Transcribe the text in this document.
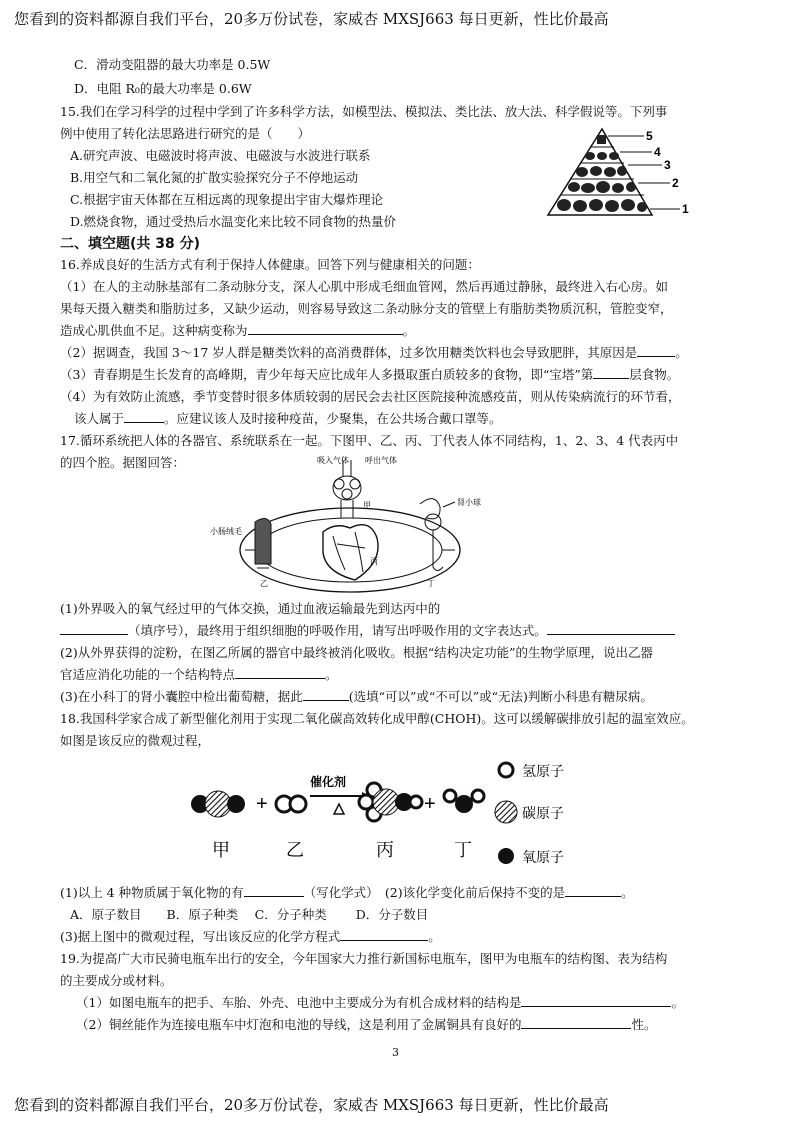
您看到的资料都源自我们平台，20多万份试卷，家威杏 MXSJ663 每日更新，性比价最高
C．滑动变阻器的最大功率是 0.5W
D．电阻 R₀的最大功率是 0.6W
15.我们在学习科学的过程中学到了许多科学方法，如模型法、模拟法、类比法、放大法、科学假说等。下列事
例中使用了转化法思路进行研究的是（　　）
A.研究声波、电磁波时将声波、电磁波与水波进行联系
B.用空气和二氧化氮的扩散实验探究分子不停地运动
C.根据宇宙天体都在互相远离的现象提出宇宙大爆炸理论
D.燃烧食物，通过受热后水温变化来比较不同食物的热量价
5
4
3
2
1
二、填空题(共 38 分)
16.养成良好的生活方式有利于保持人体健康。回答下列与健康相关的问题：
（1）在人的主动脉基部有二条动脉分支，深人心肌中形成毛细血管网，然后再通过静脉，最终进入右心房。如
果每天摄入糖类和脂肪过多，又缺少运动，则容易导致这二条动脉分支的管壁上有脂肪类物质沉积，管腔变窄，
造成心肌供血不足。这种病变称为	。
（2）据调查，我国 3～17 岁人群是糖类饮料的高消费群体，过多饮用糖类饮料也会导致肥胖，其原因是	。
（3）青春期是生长发育的高峰期，青少年每天应比成年人多摄取蛋白质较多的食物，即“宝塔”第	层食物。
（4）为有效防止流感，季节变替时很多体质较弱的居民会去社区医院接种流感疫苗，则从传染病流行的环节看，
该人属于	。应建议该人及时接种疫苗，少聚集，在公共场合戴口罩等。
17.循环系统把人体的各器官、系统联系在一起。下图甲、乙、丙、丁代表人体不同结构，1、2、3、4 代表丙中
的四个腔。据图回答：	吸入气体 呼出气体
甲
丙
小肠绒毛
乙
肾小球
丁
(1)外界吸入的氧气经过甲的气体交换，通过血液运输最先到达丙中的
（填序号），最终用于组织细胞的呼吸作用，请写出呼吸作用的文字表达式。
(2)从外界获得的淀粉，在图乙所属的器官中最终被消化吸收。根据“结构决定功能”的生物学原理，说出乙器
官适应消化功能的一个结构特点	。
(3)在小科丁的肾小囊腔中检出葡萄糖，据此	(选填“可以”或“不可以”或“无法)判断小科患有糖尿病。
18.我国科学家合成了新型催化剂用于实现二氧化碳高效转化成甲醇(CHOH)。这可以缓解碳排放引起的温室效应。
如图是该反应的微观过程，
+
催化剂
+
甲	乙	丙	丁
氢原子
碳原子
氧原子
(1)以上 4 种物质属于氧化物的有	（写化学式）　(2)该化学变化前后保持不变的是	。
A．原子数目　　B．原子种类　 C．分子种类　　 D．分子数目
(3)据上图中的微观过程，写出该反应的化学方程式	。
19.为提高广大市民骑电瓶车出行的安全，今年国家大力推行新国标电瓶车，图甲为电瓶车的结构图、表为结构
的主要成分或材料。
（1）如图电瓶车的把手、车胎、外壳、电池中主要成分为有机合成材料的结构是	。
（2）铜丝能作为连接电瓶车中灯泡和电池的导线，这是利用了金属铜具有良好的	性。
3
您看到的资料都源自我们平台，20多万份试卷，家威杏 MXSJ663 每日更新，性比价最高
